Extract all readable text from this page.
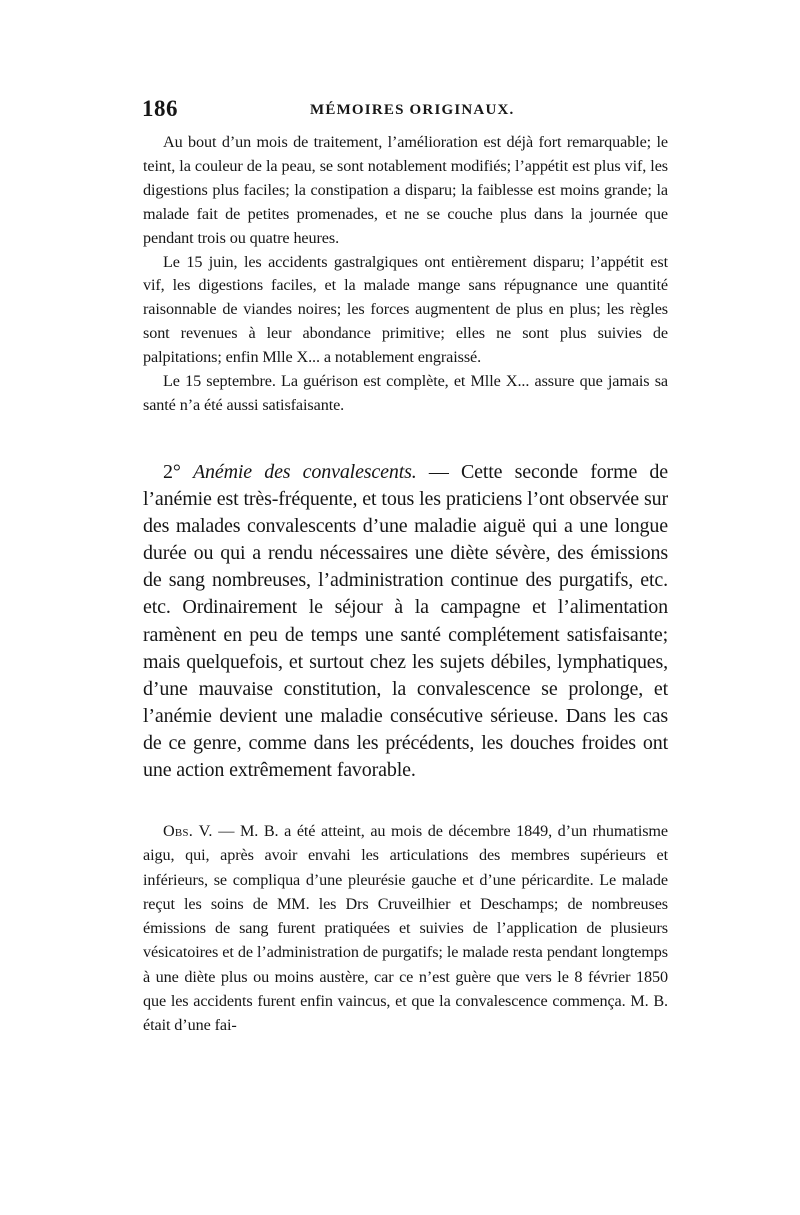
186	MÉMOIRES ORIGINAUX.

Au bout d’un mois de traitement, l’amélioration est déjà fort remarquable; le teint, la couleur de la peau, se sont notablement modifiés; l’appétit est plus vif, les digestions plus faciles; la constipation a disparu; la faiblesse est moins grande; la malade fait de petites promenades, et ne se couche plus dans la journée que pendant trois ou quatre heures.

Le 15 juin, les accidents gastralgiques ont entièrement disparu; l’appétit est vif, les digestions faciles, et la malade mange sans répugnance une quantité raisonnable de viandes noires; les forces augmentent de plus en plus; les règles sont revenues à leur abondance primitive; elles ne sont plus suivies de palpitations; enfin Mlle X... a notablement engraissé.

Le 15 septembre. La guérison est complète, et Mlle X... assure que jamais sa santé n’a été aussi satisfaisante.

2° Anémie des convalescents. — Cette seconde forme de l’anémie est très-fréquente, et tous les praticiens l’ont observée sur des malades convalescents d’une maladie aiguë qui a une longue durée ou qui a rendu nécessaires une diète sévère, des émissions de sang nombreuses, l’administration continue des purgatifs, etc. etc. Ordinairement le séjour à la campagne et l’alimentation ramènent en peu de temps une santé complétement satisfaisante; mais quelquefois, et surtout chez les sujets débiles, lymphatiques, d’une mauvaise constitution, la convalescence se prolonge, et l’anémie devient une maladie consécutive sérieuse. Dans les cas de ce genre, comme dans les précédents, les douches froides ont une action extrêmement favorable.

Obs. V. — M. B. a été atteint, au mois de décembre 1849, d’un rhumatisme aigu, qui, après avoir envahi les articulations des membres supérieurs et inférieurs, se compliqua d’une pleurésie gauche et d’une péricardite. Le malade reçut les soins de MM. les Drs Cruveilhier et Deschamps; de nombreuses émissions de sang furent pratiquées et suivies de l’application de plusieurs vésicatoires et de l’administration de purgatifs; le malade resta pendant longtemps à une diète plus ou moins austère, car ce n’est guère que vers le 8 février 1850 que les accidents furent enfin vaincus, et que la convalescence commença. M. B. était d’une fai-
